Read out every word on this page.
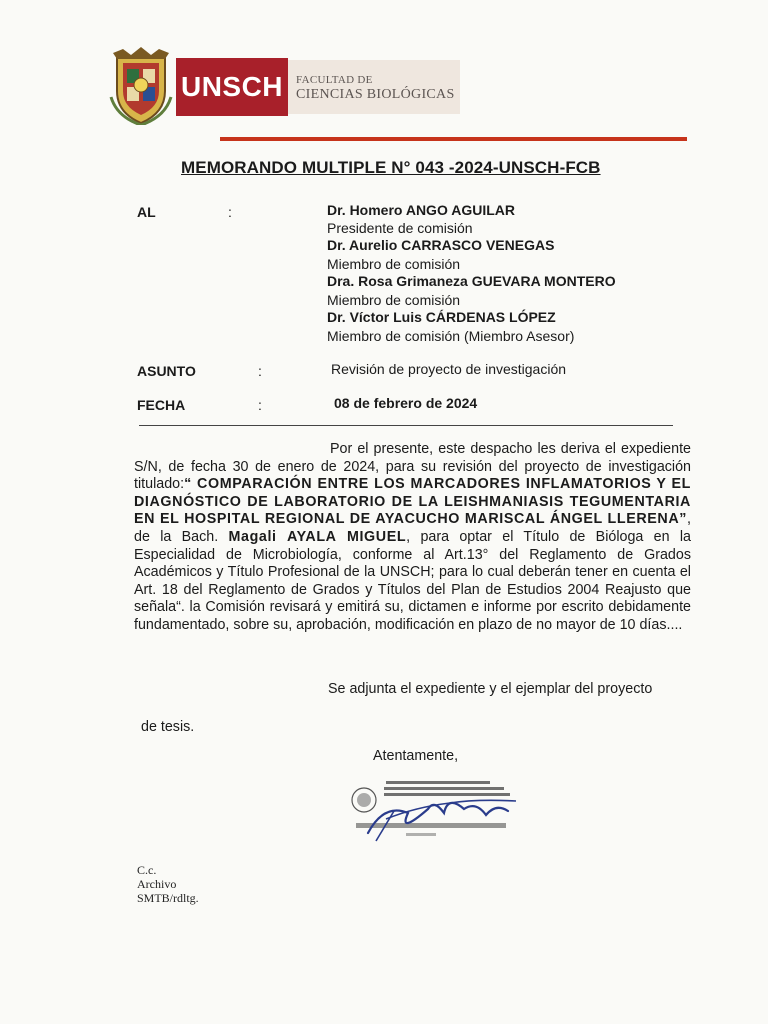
UNSCH	FACULTAD DE
CIENCIAS BIOLÓGICAS
MEMORANDO MULTIPLE N° 043 -2024-UNSCH-FCB
AL	:	Dr. Homero ANGO AGUILAR
Presidente de comisión
Dr. Aurelio CARRASCO VENEGAS
Miembro de comisión
Dra. Rosa Grimaneza GUEVARA MONTERO
Miembro de comisión
Dr. Víctor Luis CÁRDENAS LÓPEZ
Miembro de comisión (Miembro Asesor)
ASUNTO	:	Revisión de proyecto de investigación
FECHA	:	08 de febrero de 2024
Por el presente, este despacho les deriva el expediente S/N, de fecha 30 de enero de 2024, para su revisión del proyecto de investigación titulado:“ COMPARACIÓN ENTRE LOS MARCADORES INFLAMATORIOS Y EL DIAGNÓSTICO DE LABORATORIO DE LA LEISHMANIASIS TEGUMENTARIA EN EL HOSPITAL REGIONAL DE AYACUCHO MARISCAL ÁNGEL LLERENA”, de la Bach. Magali AYALA MIGUEL, para optar el Título de Bióloga en la Especialidad de Microbiología, conforme al Art.13° del Reglamento de Grados Académicos y Título Profesional de la UNSCH; para lo cual deberán tener en cuenta el Art. 18 del Reglamento de Grados y Títulos del Plan de Estudios 2004 Reajusto que señala“. la Comisión revisará y emitirá su, dictamen e informe por escrito debidamente fundamentado, sobre su, aprobación, modificación en plazo de no mayor de 10 días....
Se adjunta el expediente y el ejemplar del proyecto
de tesis.
Atentamente,
C.c.
Archivo
SMTB/rdltg.
